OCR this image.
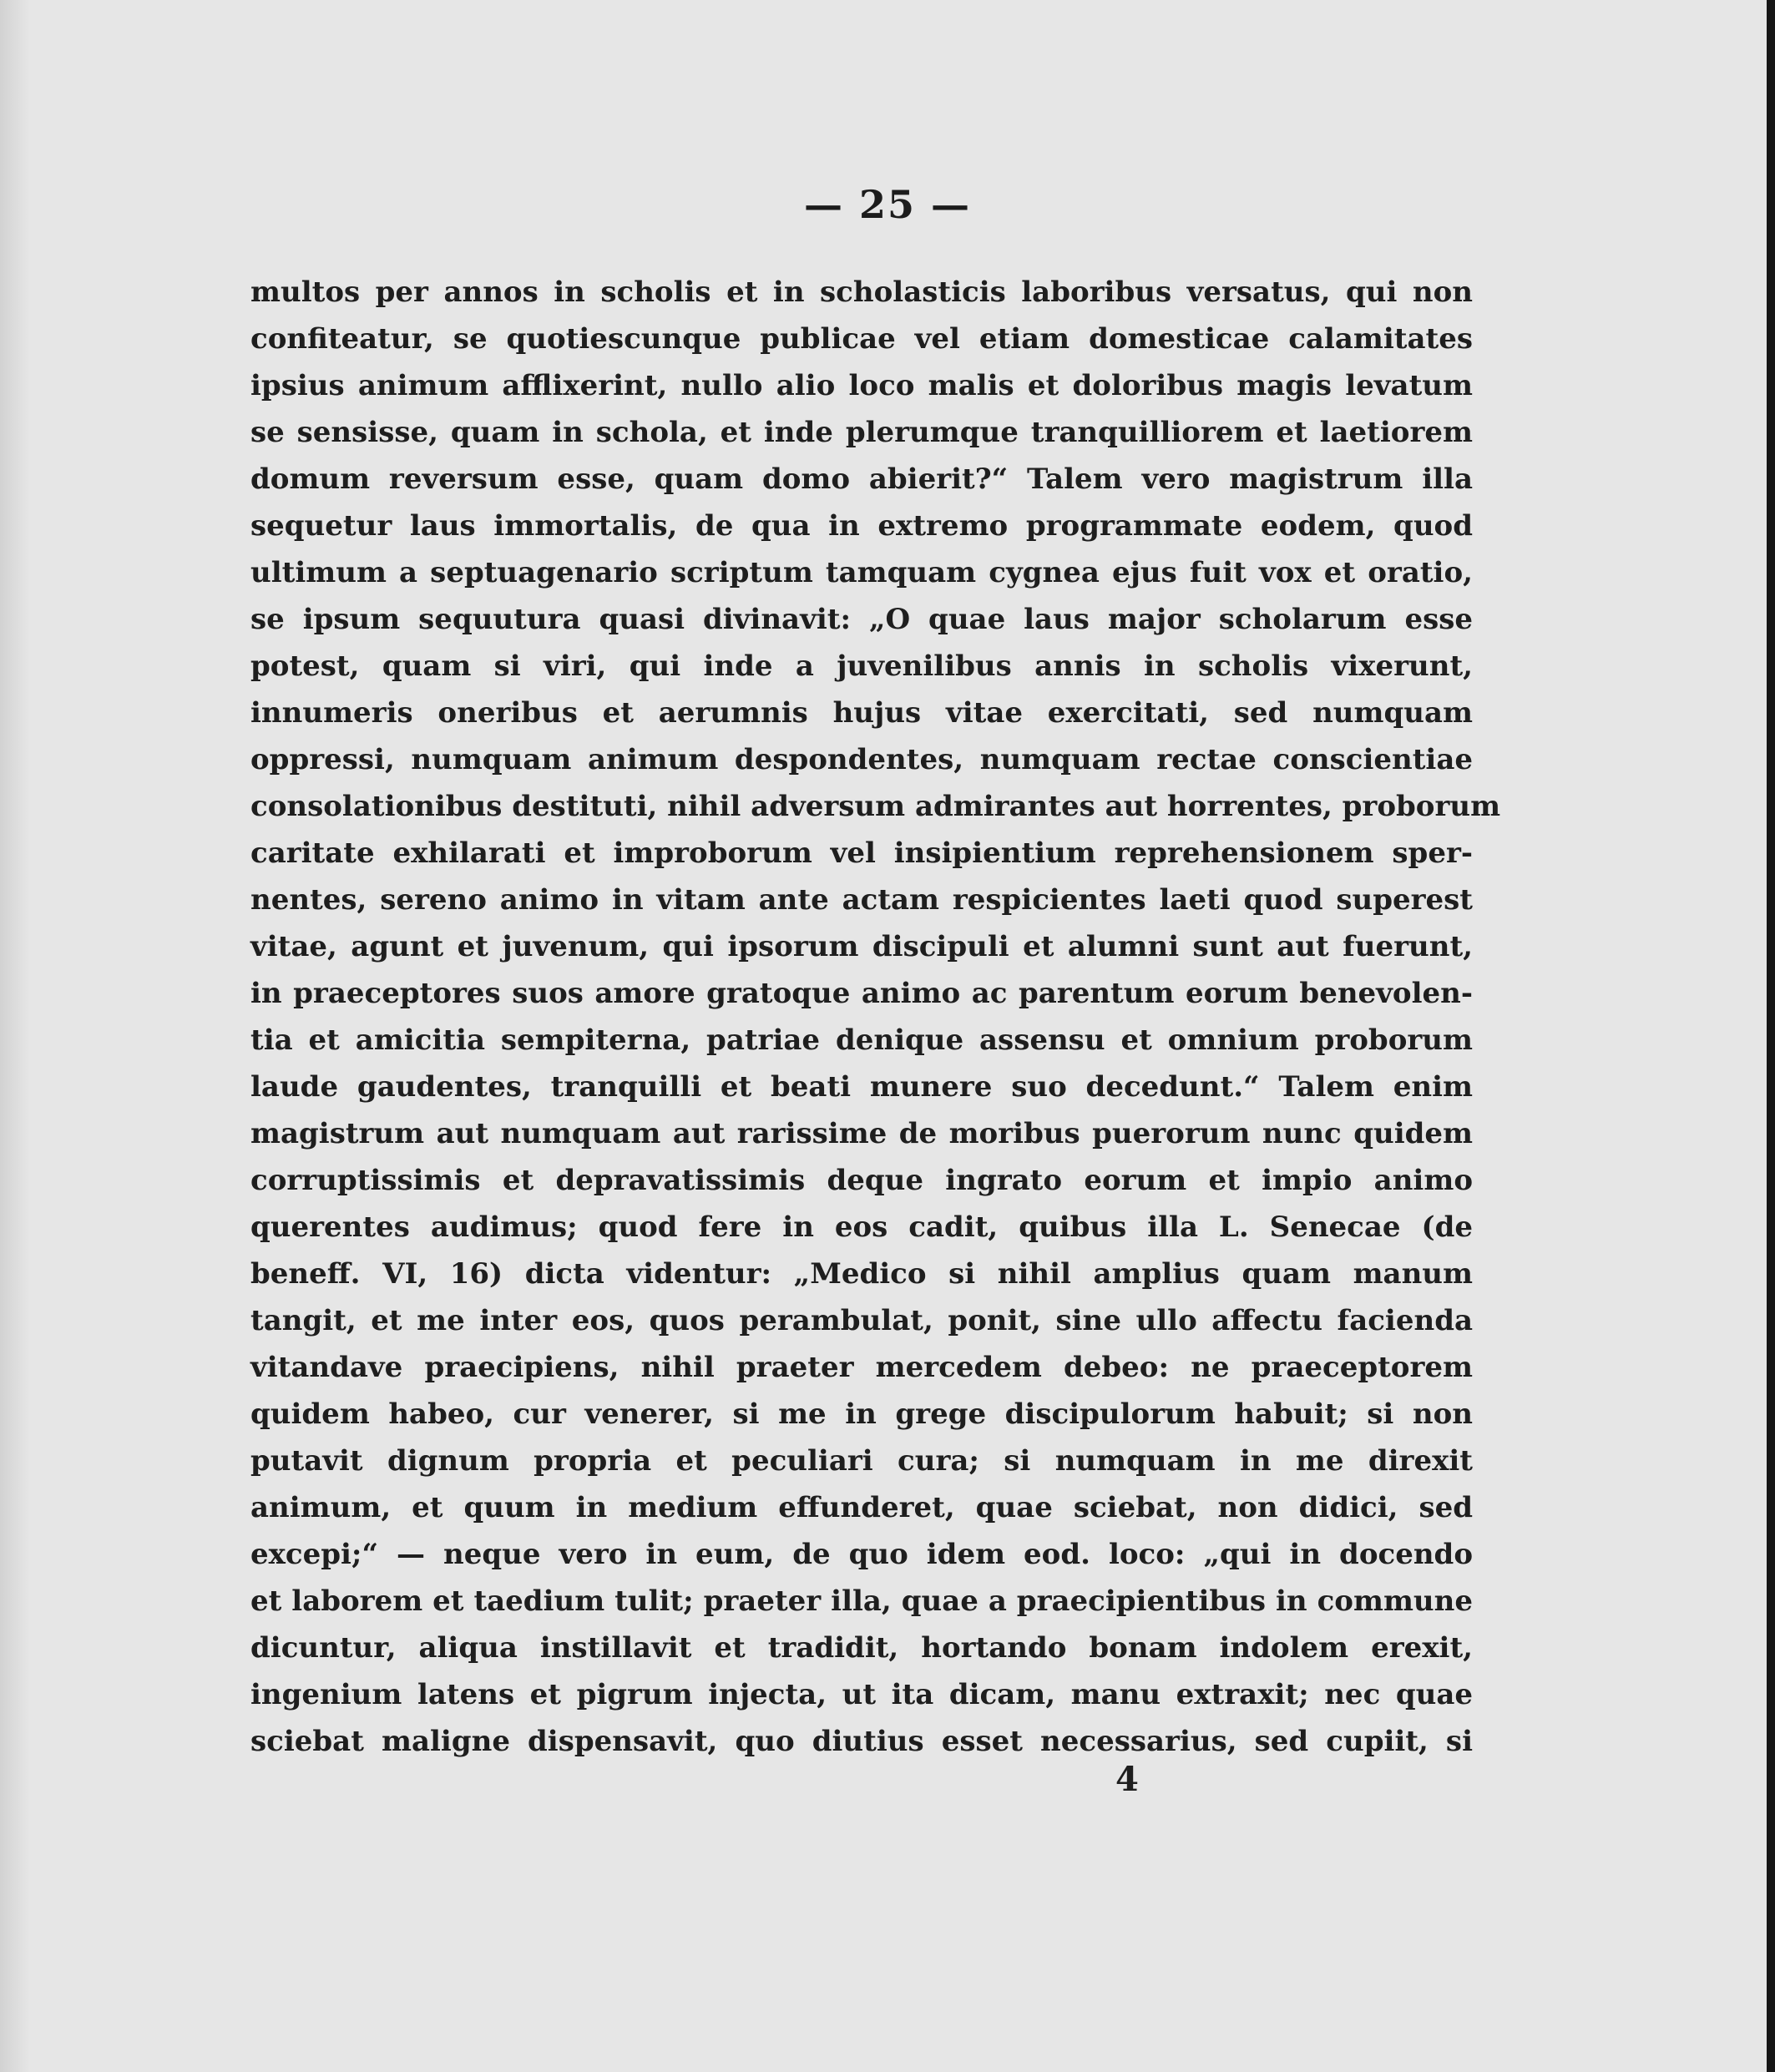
— 25 —
multos per annos in scholis et in scholasticis laboribus versatus, qui non
confiteatur, se quotiescunque publicae vel etiam domesticae calamitates
ipsius animum afflixerint, nullo alio loco malis et doloribus magis levatum
se sensisse, quam in schola, et inde plerumque tranquilliorem et laetiorem
domum reversum esse, quam domo abierit?“ Talem vero magistrum illa
sequetur laus immortalis, de qua in extremo programmate eodem, quod
ultimum a septuagenario scriptum tamquam cygnea ejus fuit vox et oratio,
se ipsum sequutura quasi divinavit: „O quae laus major scholarum esse
potest, quam si viri, qui inde a juvenilibus annis in scholis vixerunt,
innumeris oneribus et aerumnis hujus vitae exercitati, sed numquam
oppressi, numquam animum despondentes, numquam rectae conscientiae
consolationibus destituti, nihil adversum admirantes aut horrentes, proborum
caritate exhilarati et improborum vel insipientium reprehensionem sper-
nentes, sereno animo in vitam ante actam respicientes laeti quod superest
vitae, agunt et juvenum, qui ipsorum discipuli et alumni sunt aut fuerunt,
in praeceptores suos amore gratoque animo ac parentum eorum benevolen-
tia et amicitia sempiterna, patriae denique assensu et omnium proborum
laude gaudentes, tranquilli et beati munere suo decedunt.“ Talem enim
magistrum aut numquam aut rarissime de moribus puerorum nunc quidem
corruptissimis et depravatissimis deque ingrato eorum et impio animo
querentes audimus; quod fere in eos cadit, quibus illa L. Senecae (de
beneff. VI, 16) dicta videntur: „Medico si nihil amplius quam manum
tangit, et me inter eos, quos perambulat, ponit, sine ullo affectu facienda
vitandave praecipiens, nihil praeter mercedem debeo: ne praeceptorem
quidem habeo, cur venerer, si me in grege discipulorum habuit; si non
putavit dignum propria et peculiari cura; si numquam in me direxit
animum, et quum in medium effunderet, quae sciebat, non didici, sed
excepi;“ — neque vero in eum, de quo idem eod. loco: „qui in docendo
et laborem et taedium tulit; praeter illa, quae a praecipientibus in commune
dicuntur, aliqua instillavit et tradidit, hortando bonam indolem erexit,
ingenium latens et pigrum injecta, ut ita dicam, manu extraxit; nec quae
sciebat maligne dispensavit, quo diutius esset necessarius, sed cupiit, si
4
